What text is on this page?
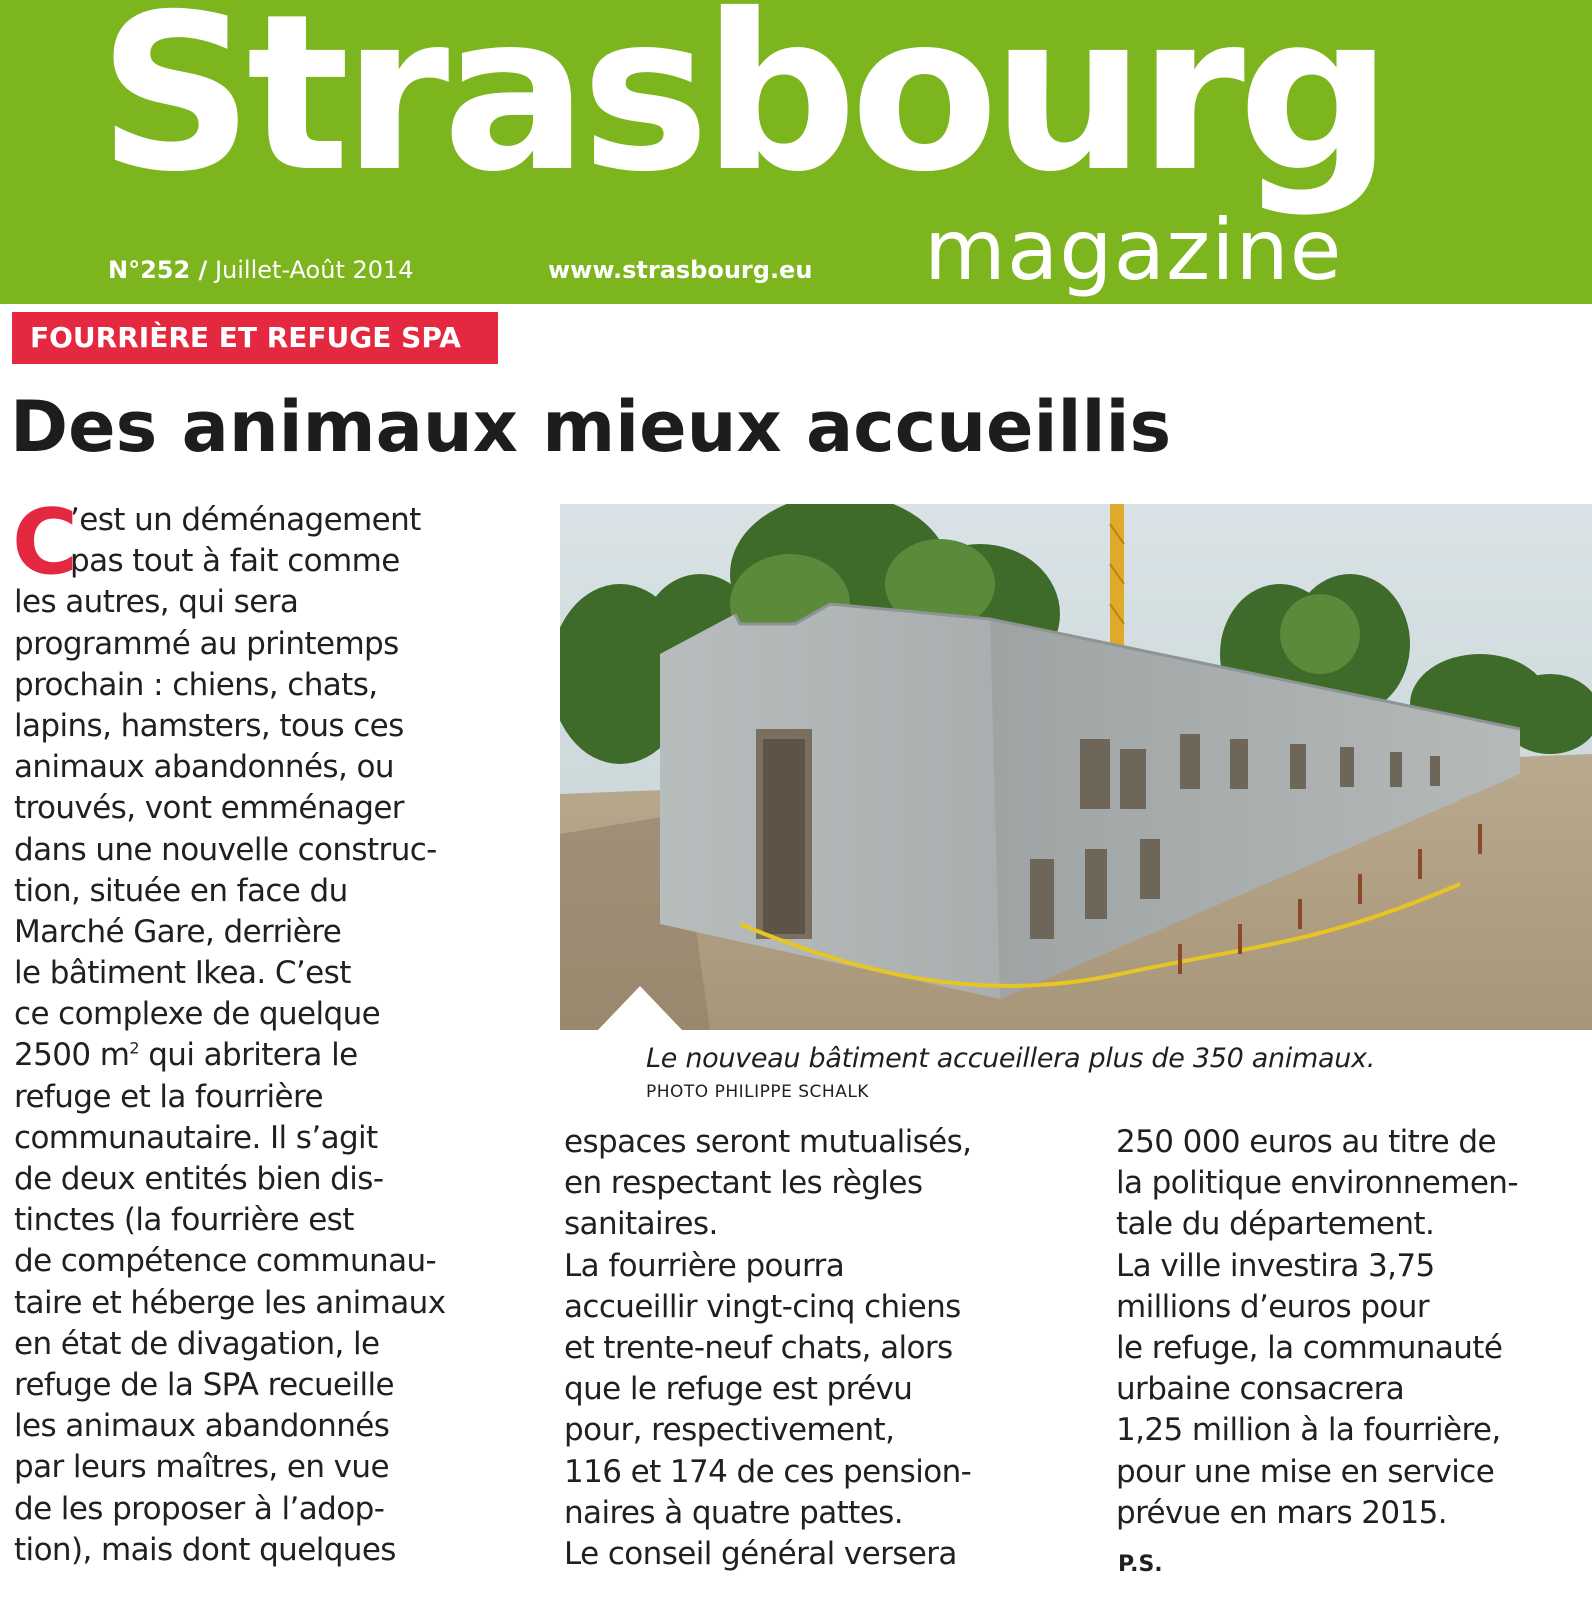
Strasbourg
magazine
N°252 / Juillet-Août 2014	www.strasbourg.eu
FOURRIÈRE ET REFUGE SPA
Des animaux mieux accueillis
C
’est un déménagement
pas tout à fait comme
les autres, qui sera
programmé au printemps
prochain : chiens, chats,
lapins, hamsters, tous ces
animaux abandonnés, ou
trouvés, vont emménager
dans une nouvelle construc-
tion, située en face du
Marché Gare, derrière
le bâtiment Ikea. C’est
ce complexe de quelque
2500 $m^2$ qui abritera le
refuge et la fourrière
communautaire. Il s’agit
de deux entités bien dis-
tinctes (la fourrière est
de compétence communau-
taire et héberge les animaux
en état de divagation, le
refuge de la SPA recueille
les animaux abandonnés
par leurs maîtres, en vue
de les proposer à l’adop-
tion), mais dont quelques
Le nouveau bâtiment accueillera plus de 350 animaux.
PHOTO PHILIPPE SCHALK
espaces seront mutualisés,
en respectant les règles
sanitaires.
La fourrière pourra
accueillir vingt-cinq chiens
et trente-neuf chats, alors
que le refuge est prévu
pour, respectivement,
116 et 174 de ces pension-
naires à quatre pattes.
Le conseil général versera
250 000 euros au titre de
la politique environnemen-
tale du département.
La ville investira 3,75
millions d’euros pour
le refuge, la communauté
urbaine consacrera
1,25 million à la fourrière,
pour une mise en service
prévue en mars 2015.
P.S.
